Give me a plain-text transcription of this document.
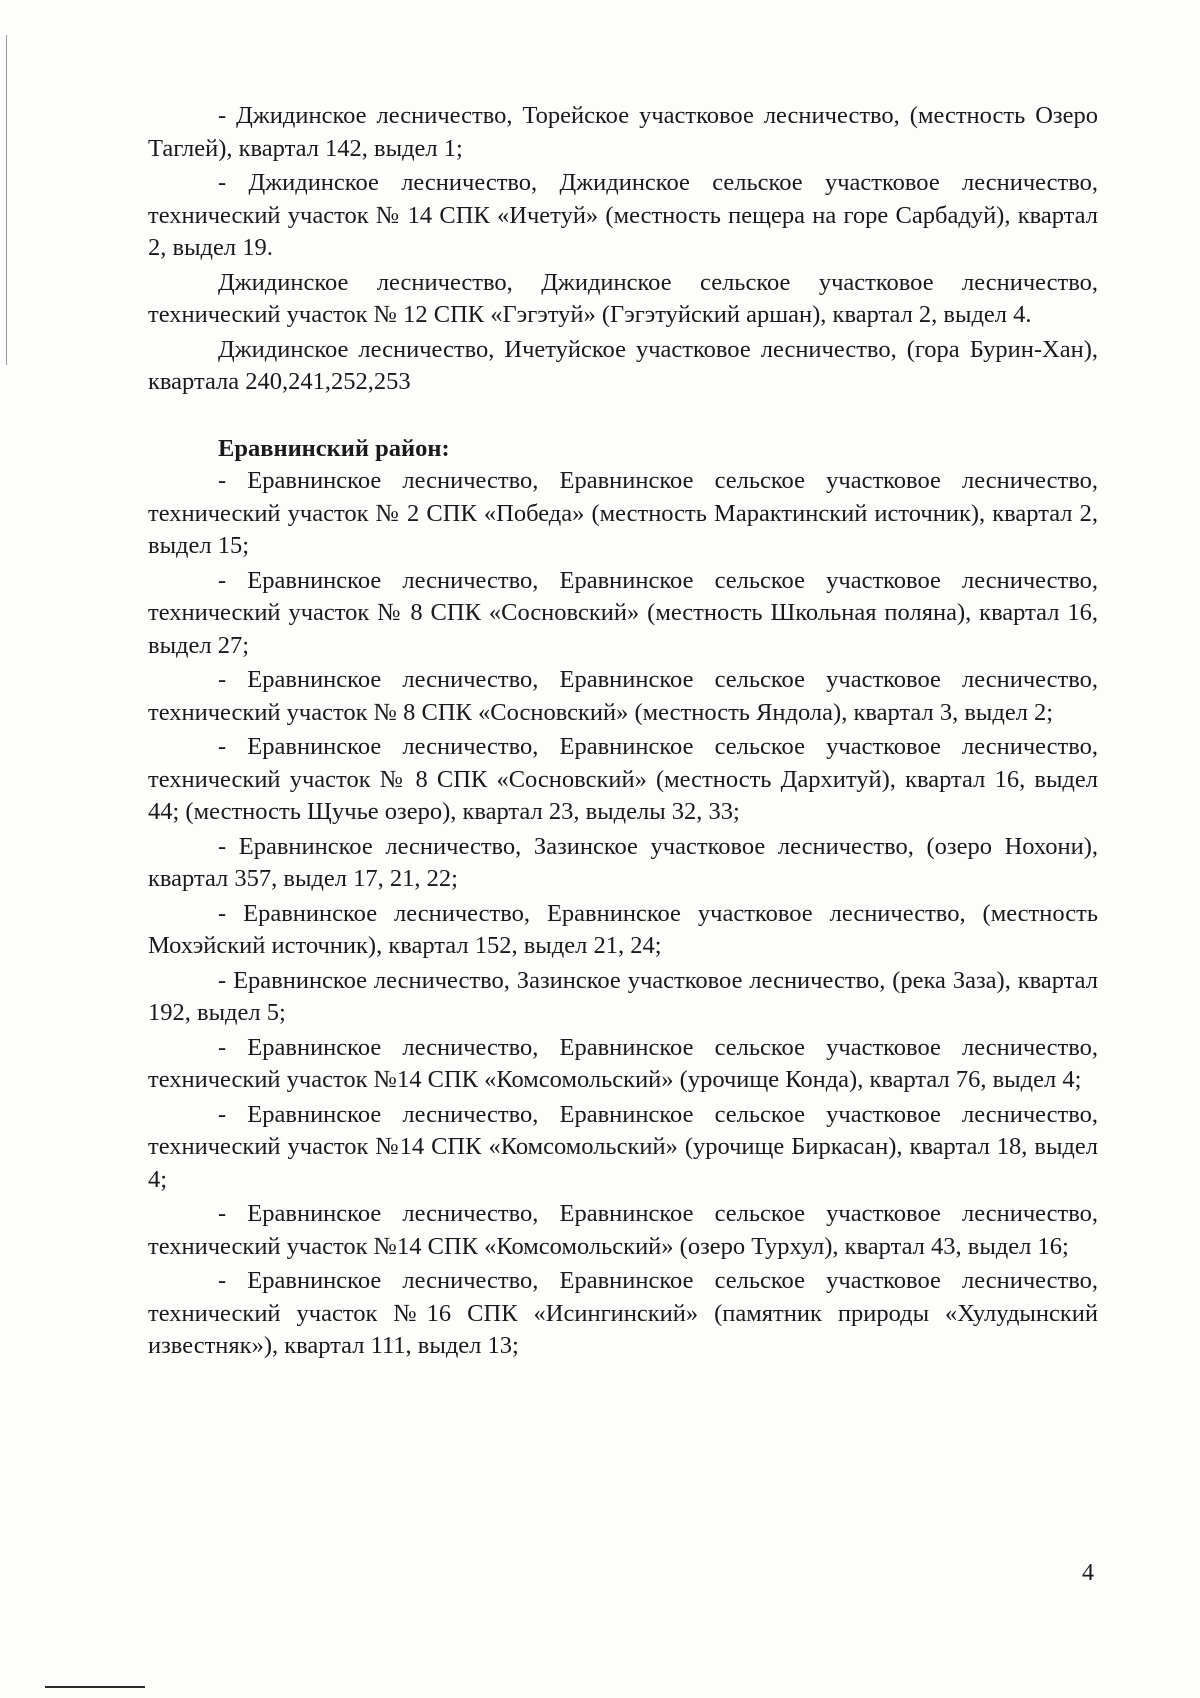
- Джидинское лесничество, Торейское участковое лесничество, (местность Озеро Таглей), квартал 142, выдел 1;

- Джидинское лесничество, Джидинское сельское участковое лесничество, технический участок № 14 СПК «Ичетуй» (местность пещера на горе Сарбадуй), квартал 2, выдел 19.

Джидинское лесничество, Джидинское сельское участковое лесничество, технический участок № 12 СПК «Гэгэтуй» (Гэгэтуйский аршан), квартал 2, выдел 4.

Джидинское лесничество, Ичетуйское участковое лесничество, (гора Бурин-Хан), квартала 240,241,252,253

Еравнинский район:

- Еравнинское лесничество, Еравнинское сельское участковое лесничество, технический участок № 2 СПК «Победа» (местность Марактинский источник), квартал 2, выдел 15;

- Еравнинское лесничество, Еравнинское сельское участковое лесничество, технический участок № 8 СПК «Сосновский» (местность Школьная поляна), квартал 16, выдел 27;

- Еравнинское лесничество, Еравнинское сельское участковое лесничество, технический участок № 8 СПК «Сосновский» (местность Яндола), квартал 3, выдел 2;

- Еравнинское лесничество, Еравнинское сельское участковое лесничество, технический участок № 8 СПК «Сосновский» (местность Дархитуй), квартал 16, выдел 44; (местность Щучье озеро), квартал 23, выделы 32, 33;

- Еравнинское лесничество, Зазинское участковое лесничество, (озеро Нохони), квартал 357, выдел 17, 21, 22;

- Еравнинское лесничество, Еравнинское участковое лесничество, (местность Мохэйский источник), квартал 152, выдел 21, 24;

- Еравнинское лесничество, Зазинское участковое лесничество, (река Заза), квартал 192, выдел 5;

- Еравнинское лесничество, Еравнинское сельское участковое лесничество, технический участок №14 СПК «Комсомольский» (урочище Конда), квартал 76, выдел 4;

- Еравнинское лесничество, Еравнинское сельское участковое лесничество, технический участок №14 СПК «Комсомольский» (урочище Биркасан), квартал 18, выдел 4;

- Еравнинское лесничество, Еравнинское сельское участковое лесничество, технический участок №14 СПК «Комсомольский» (озеро Турхул), квартал 43, выдел 16;

- Еравнинское лесничество, Еравнинское сельское участковое лесничество, технический участок №16 СПК «Исингинский» (памятник природы «Хулудынский известняк»), квартал 111, выдел 13;

4
